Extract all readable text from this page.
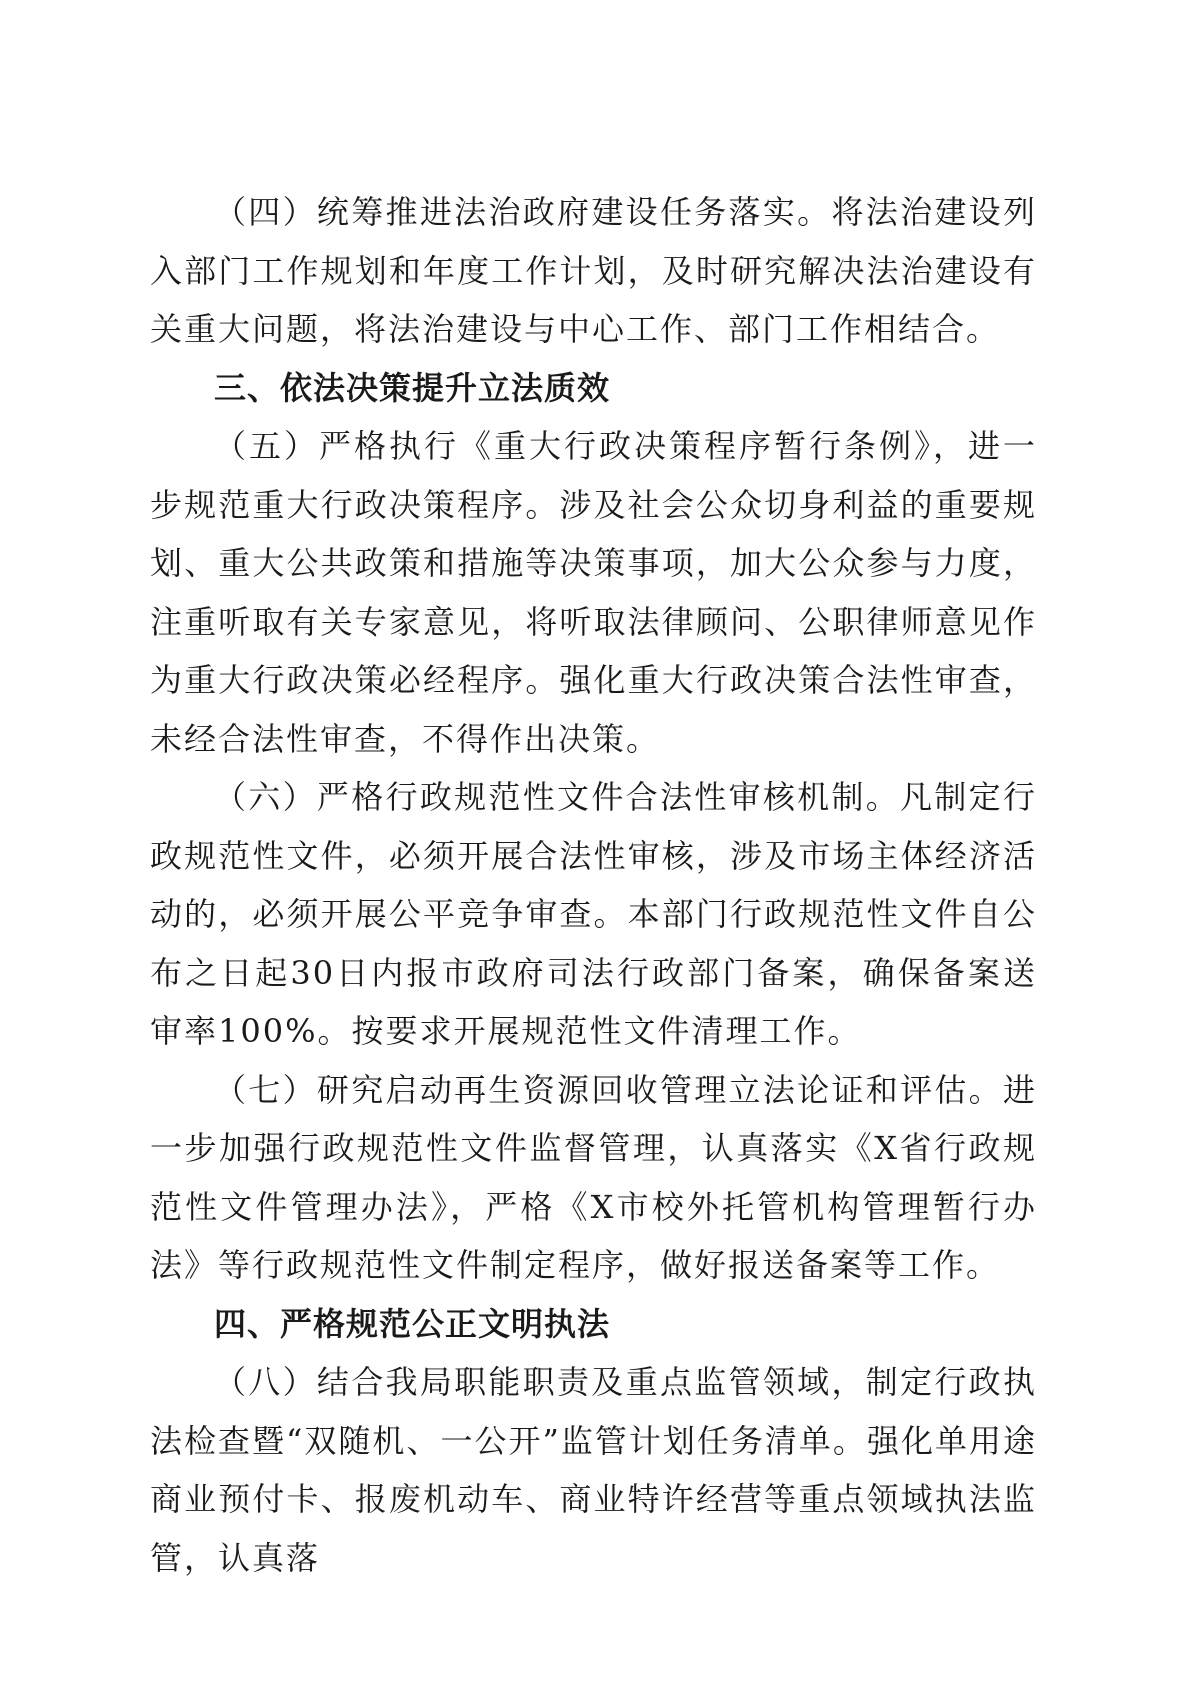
（四）统筹推进法治政府建设任务落实。将法治建设列入部门工作规划和年度工作计划，及时研究解决法治建设有关重大问题，将法治建设与中心工作、部门工作相结合。

三、依法决策提升立法质效

（五）严格执行《重大行政决策程序暂行条例》，进一步规范重大行政决策程序。涉及社会公众切身利益的重要规划、重大公共政策和措施等决策事项，加大公众参与力度，注重听取有关专家意见，将听取法律顾问、公职律师意见作为重大行政决策必经程序。强化重大行政决策合法性审查，未经合法性审查，不得作出决策。

（六）严格行政规范性文件合法性审核机制。凡制定行政规范性文件，必须开展合法性审核，涉及市场主体经济活动的，必须开展公平竞争审查。本部门行政规范性文件自公布之日起30日内报市政府司法行政部门备案，确保备案送审率100%。按要求开展规范性文件清理工作。

（七）研究启动再生资源回收管理立法论证和评估。进一步加强行政规范性文件监督管理，认真落实《X省行政规范性文件管理办法》，严格《X市校外托管机构管理暂行办法》等行政规范性文件制定程序，做好报送备案等工作。

四、严格规范公正文明执法

（八）结合我局职能职责及重点监管领域，制定行政执法检查暨“双随机、一公开”监管计划任务清单。强化单用途商业预付卡、报废机动车、商业特许经营等重点领域执法监管，认真落
